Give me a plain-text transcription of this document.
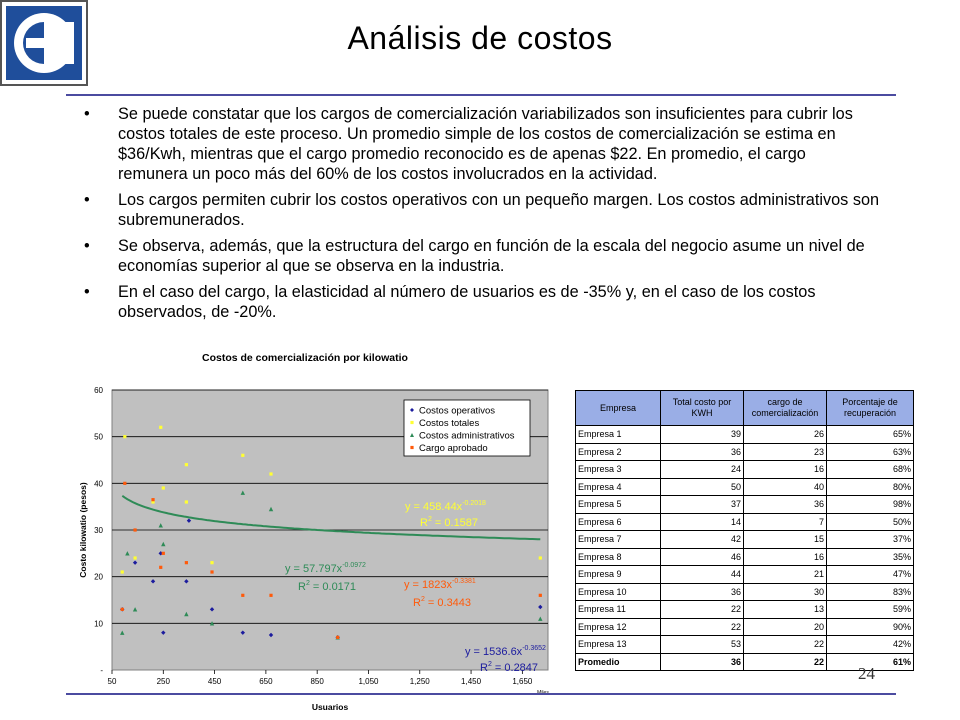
Análisis de costos
• Se puede constatar que los cargos de comercialización variabilizados son insuficientes para cubrir los costos totales de este proceso. Un promedio simple de los costos de comercialización se estima en $36/Kwh, mientras que el cargo promedio reconocido es de apenas $22. En promedio, el cargo remunera un poco más del 60% de los costos involucrados en la actividad.
• Los cargos permiten cubrir los costos operativos con un pequeño margen. Los costos administrativos son subremunerados.
• Se observa, además, que la estructura del cargo en función de la escala del negocio asume un nivel de economías superior al que se observa en la industria.
• En el caso del cargo, la elasticidad al número de usuarios es de -35% y, en el caso de los costos observados, de -20%.
Costos de comercialización por kilowatio
-
10
20
30
40
50
60
50	250	450	650	850	1,050	1,250	1,450	1,650
Usuarios
Costo kilowatio (pesos)
Costos operativos
Costos totales
Costos administrativos
Cargo aprobado
$y = 1536.6x^{-0.3652}$
$R^2 = 0.2847$
$y = 458.44x^{-0.2018}$
$R^2 = 0.1587$
$y = 57.797x^{-0.0972}$
$R^2 = 0.0171$	$y = 1823x^{-0.3381}$
$R^2 = 0.3443$
Empresa	Total costo por KWH	cargo de comercialización	Porcentaje de recuperación
Empresa 1	39	26	65%
Empresa 2	36	23	63%
Empresa 3	24	16	68%
Empresa 4	50	40	80%
Empresa 5	37	36	98%
Empresa 6	14	7	50%
Empresa 7	42	15	37%
Empresa 8	46	16	35%
Empresa 9	44	21	47%
Empresa 10	36	30	83%
Empresa 11	22	13	59%
Empresa 12	22	20	90%
Empresa 13	53	22	42%
Promedio	36	22	61%
24
